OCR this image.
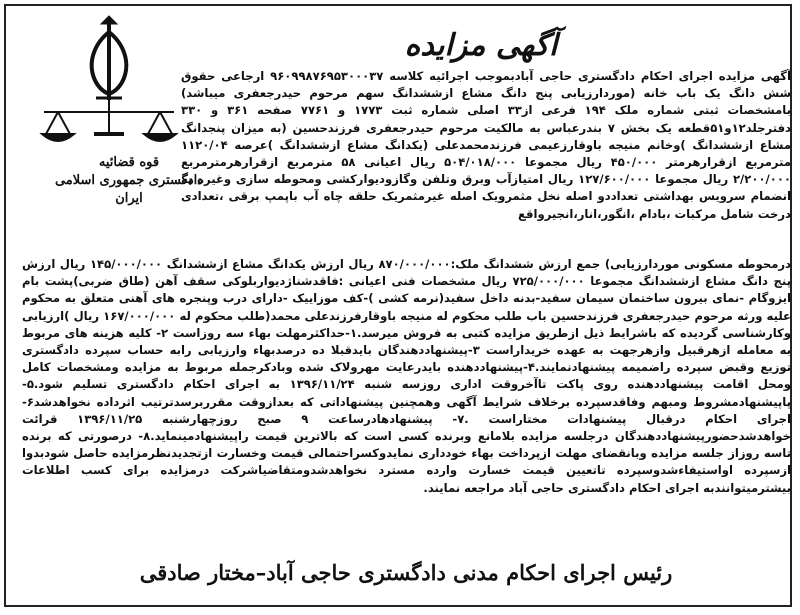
قوه قضائیه
دادگستری جمهوری اسلامی ایران
آگهی مزایده
آگهی مزایده اجرای احکام دادگستری حاجی آبادبموجب اجرائیه کلاسه ۹۶۰۹۹۸۷۶۹۵۳۰۰۰۳۷ ارجاعی حقوق شش دانگ یک باب خانه (موردارزیابی پنج دانگ مشاع ازششدانگ سهم مرحوم حیدرجعفری میباشد) بامشخصات ثبتی شماره ملک ۱۹۴ فرعی از۳۳ اصلی شماره ثبت ۱۷۷۳ و ۷۷۶۱ صفحه ۳۶۱ و ۳۳۰ دفترجلد۱۲و۵۱قطعه یک بخش ۷ بندرعباس به مالکیت مرحوم حیدرجعفری فرزندحسین (به میزان پنجدانگ مشاع ازششدانگ )وخانم منیجه باوقارزعیمی فرزندمحمدعلی (یکدانگ مشاع ازششدانگ )عرصه ۱۱۲۰/۰۴ مترمربع ازقرارهرمتر ۴۵۰/۰۰۰ ریال مجموعا ۵۰۴/۰۱۸/۰۰۰ ریال اعیانی ۵۸ مترمربع ازقرارهرمترمربع ۲/۲۰۰/۰۰۰ ریال مجموعا ۱۲۷/۶۰۰/۰۰۰ ریال امتیازآب وبرق وتلفن وگازودیوارکشی ومحوطه سازی وغیره به انضمام سرویس بهداشتی تعداددو اصله نخل مثمرویک اصله غیرمثمریک حلقه چاه آب باپمپ برقی ،تعدادی درخت شامل مرکبات ،بادام ،انگور،انار،انجیرواقع
درمحوطه مسکونی موردارزیابی) جمع ارزش ششدانگ ملک:۸۷۰/۰۰۰/۰۰۰ ریال ارزش یکدانگ مشاع ازششدانگ ۱۴۵/۰۰۰/۰۰۰ ریال ارزش پنج دانگ مشاع ازششدانگ مجموعا ۷۲۵/۰۰۰/۰۰۰ ریال مشخصات فنی اعیانی :فاقدشناژدیواربلوکی سقف آهن (طاق ضربی)پشت بام ایزوگام -نمای بیرون ساختمان سیمان سفید-بدنه داخل سفید(نرمه کشی )-کف موزاییک -دارای درب وپنجره های آهنی متعلق به محکوم علیه ورثه مرحوم حیدرجعفری فرزندحسین باب طلب محکوم له منیجه باوقارفرزندعلی محمد(طلب محکوم له ۱۶۷/۰۰۰/۰۰۰ ریال )ارزیابی وکارشناسی گردیده که باشرایط ذیل ازطریق مزایده کتبی به فروش میرسد.۱-حداکثرمهلت بهاء سه روزاست ۲- کلیه هزینه های مربوط به معامله ازهرقبیل وازهرجهت به عهده خریداراست ۳-پیشنهاددهندگان بایدقبلا ده درصدبهاء وارزیابی رابه حساب سپرده دادگستری توزیع وقبض سپرده راضمیمه پیشنهادنمایند.۴-پیشنهاددهنده بایدرعایت مهرولاک شده وبادکرجمله مربوط به مزایده ومشخصات کامل ومحل اقامت پیشنهاددهنده روی پاکت تاآخروقت اداری روزسه شنبه ۱۳۹۶/۱۱/۲۴ به اجرای احکام دادگستری تسلیم شود.۵-پاپیشنهادمشروط ومبهم وفاقدسپرده برخلاف شرایط آگهی وهمچنین پیشنهاداتی که بعدازوقت مقرربرسدترتیب اثرداده نخواهدشد۶-اجرای احکام درقبال پیشنهادات مختاراست .۷- پیشنهادهادرساعت ۹ صبح روزچهارشنبه ۱۳۹۶/۱۱/۲۵ قرائت خواهدشدحضورپیشنهاددهندگان درجلسه مزایده بلامانع وبرنده کسی است که بالاترین قیمت راپیشنهادمینماید.۸- درصورتی که برنده تاسه روزاز جلسه مزایده وبانقضای مهلت ازپرداخت بهاء خودداری نمایدوکسراحتمالی قیمت وخسارت ازتجدیدنظرمزایده حاصل شودبدوا ازسپرده اواستیفاءشدوسپرده تاتعیین قیمت خسارت وارده مسترد نخواهدشدومتقاضیاشرکت درمزایده برای کسب اطلاعات بیشترمیتوانندبه اجرای احکام دادگستری حاجی آباد مراجعه نمایند.
رئیس اجرای احکام مدنی دادگستری حاجی آباد–مختار صادقی
